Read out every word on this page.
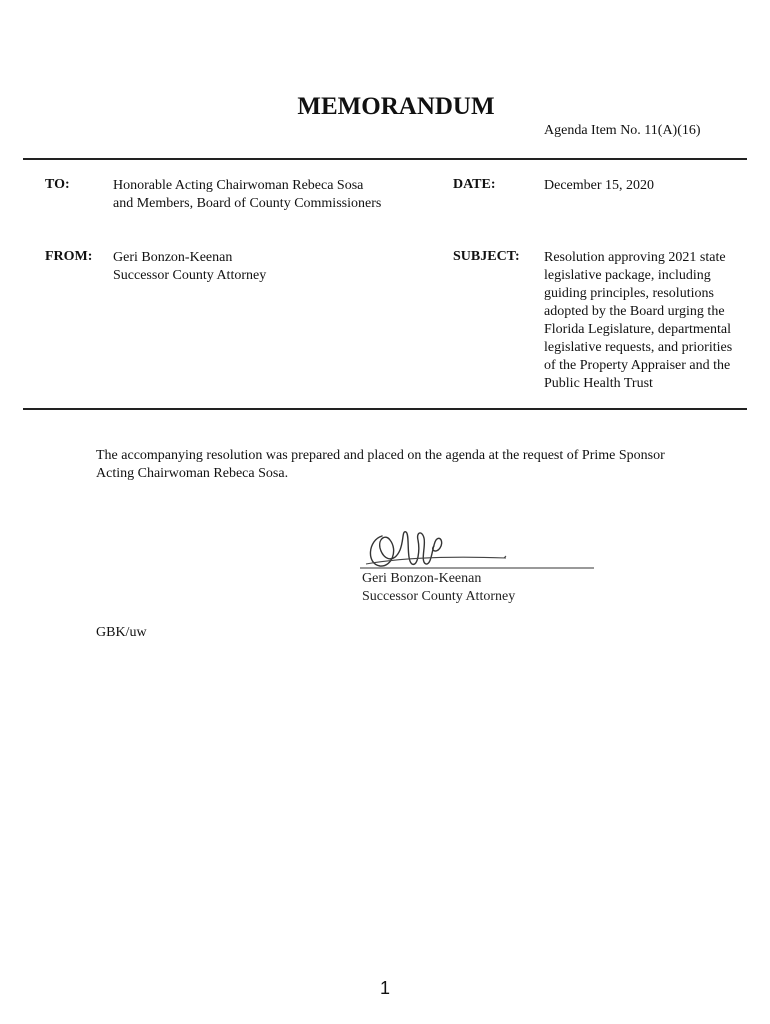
MEMORANDUM
Agenda Item No. 11(A)(16)
TO:	Honorable Acting Chairwoman Rebeca Sosa
and Members, Board of County Commissioners
DATE:	December 15, 2020
FROM: Geri Bonzon-Keenan
Successor County Attorney
SUBJECT: Resolution approving 2021 state
legislative package, including
guiding principles, resolutions
adopted by the Board urging the
Florida Legislature, departmental
legislative requests, and priorities
of the Property Appraiser and the
Public Health Trust
The accompanying resolution was prepared and placed on the agenda at the request of Prime Sponsor
Acting Chairwoman Rebeca Sosa.
Geri Bonzon-Keenan
Successor County Attorney
GBK/uw
1
